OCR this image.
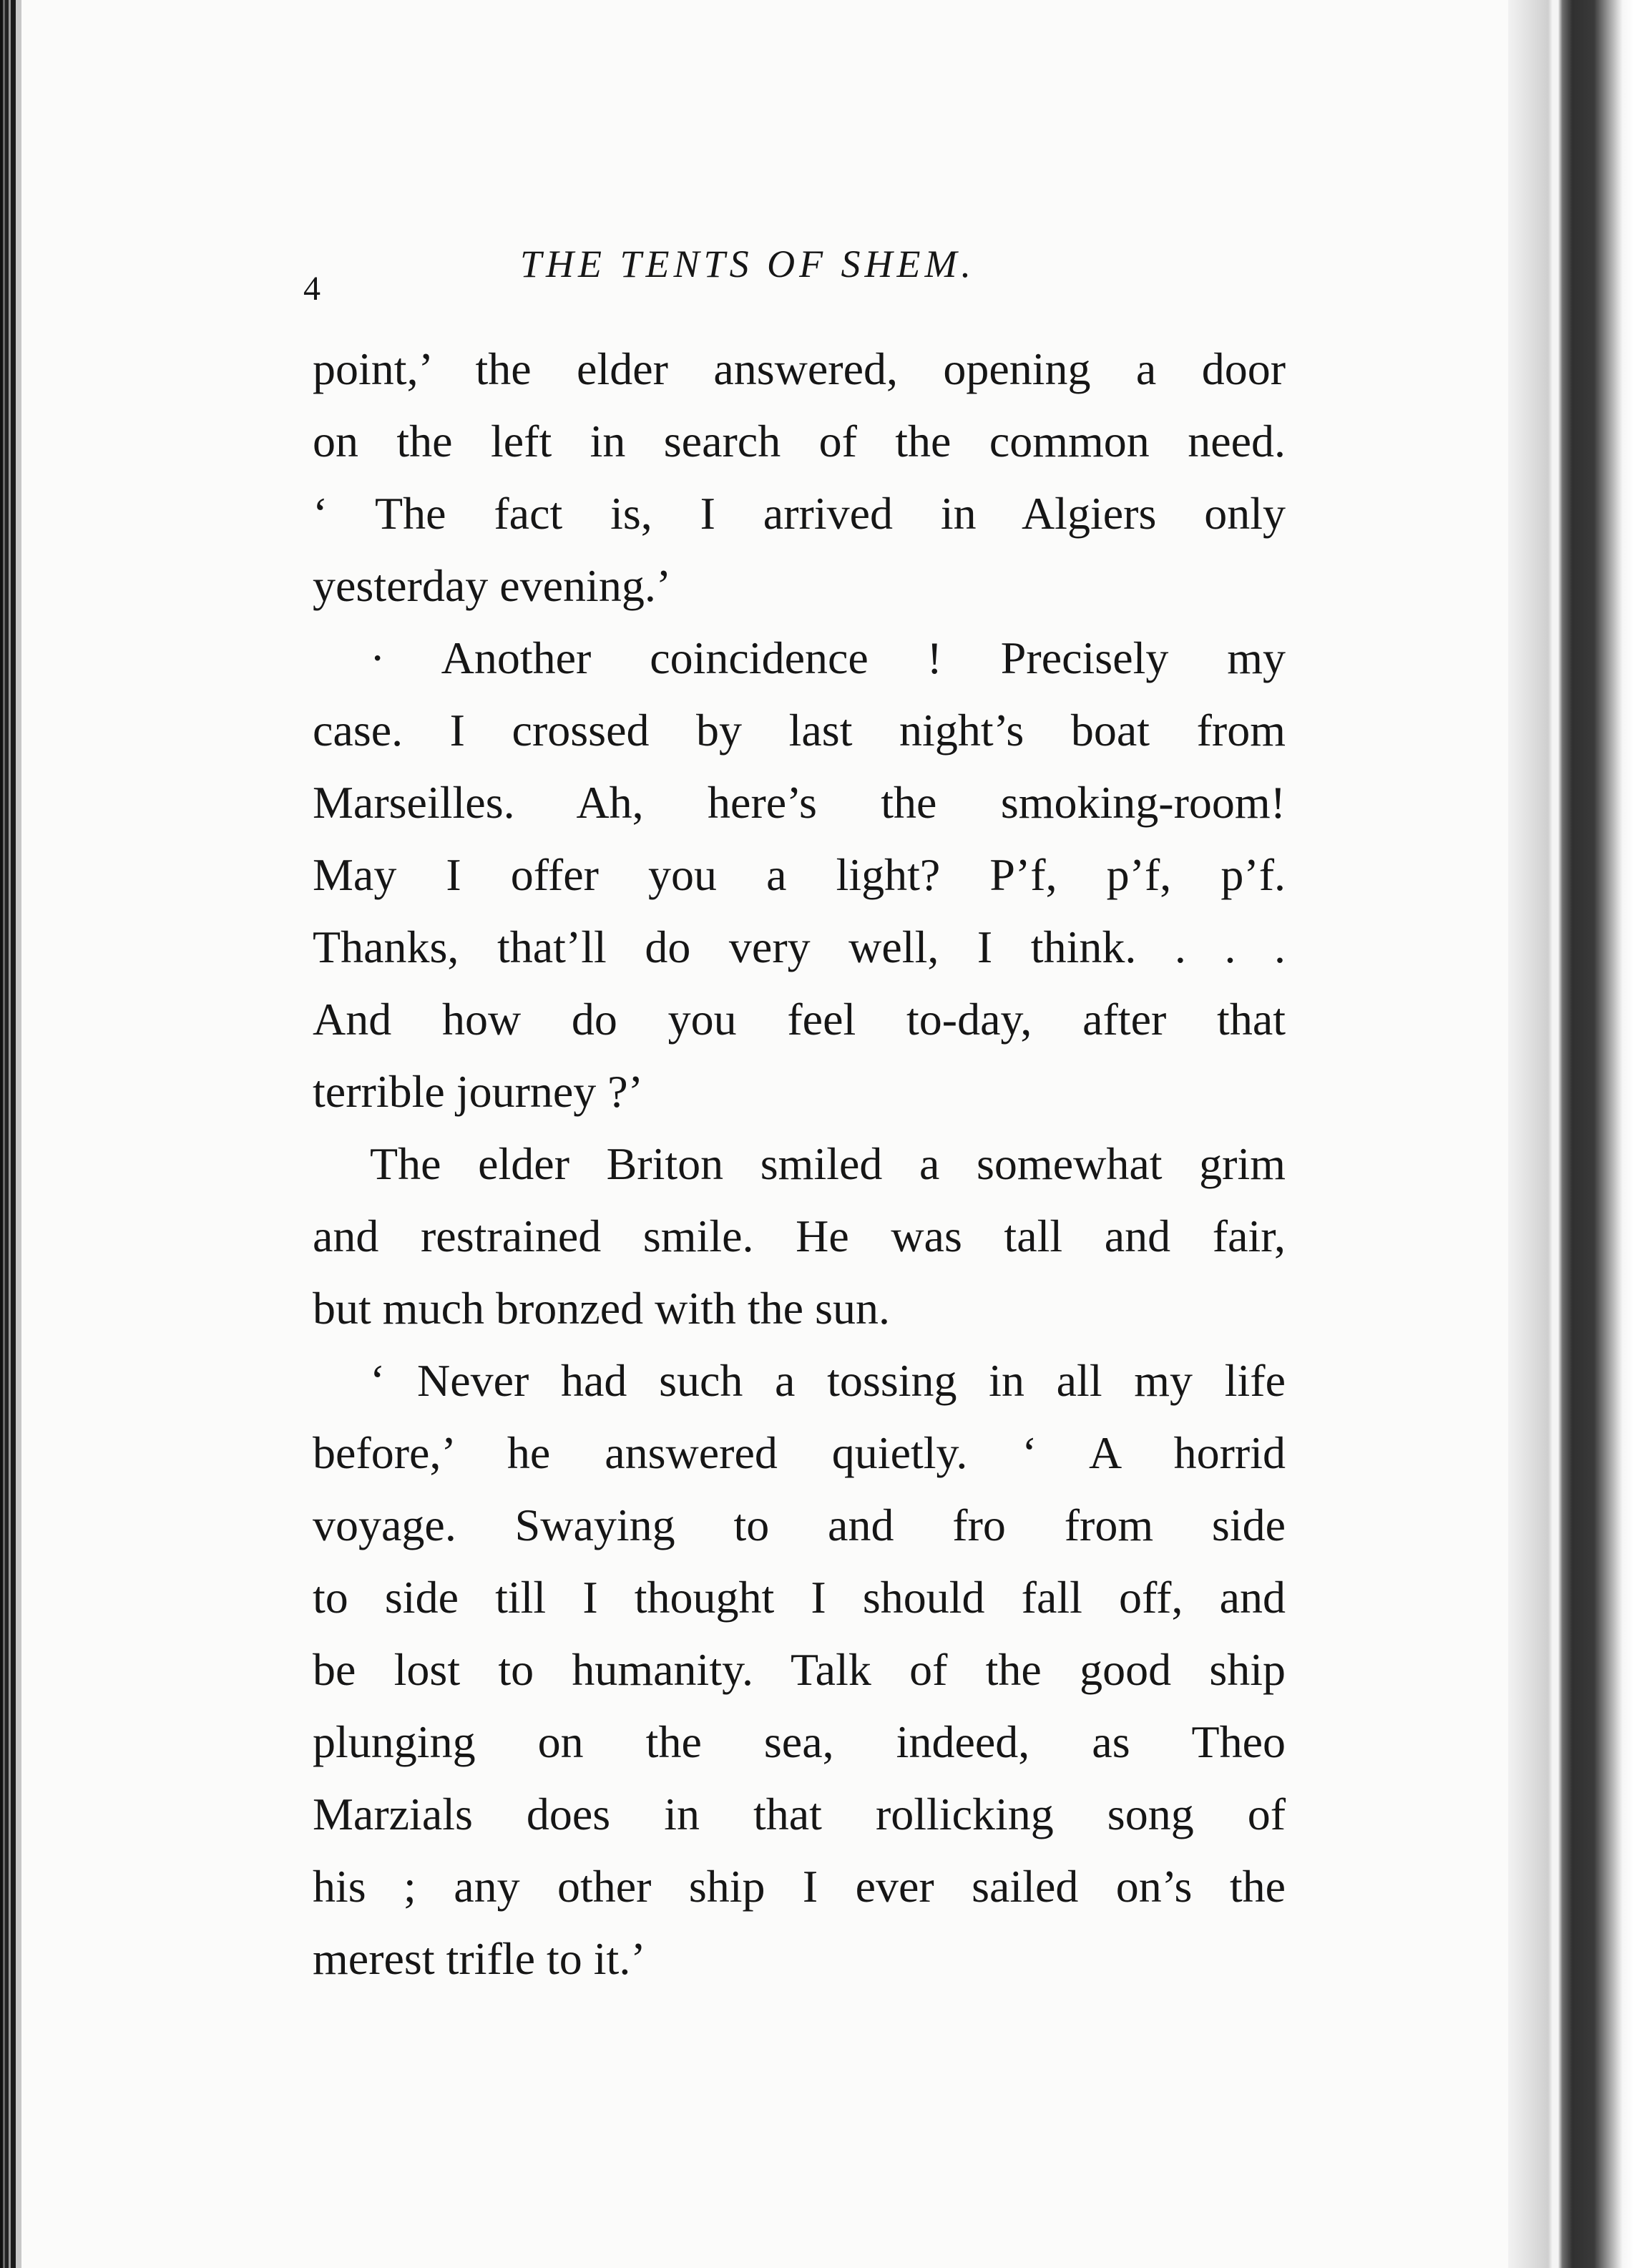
4
THE TENTS OF SHEM.
point,’ the elder answered, opening a door
on the left in search of the common need.
‘ The fact is, I arrived in Algiers only
yesterday evening.’
· Another coincidence ! Precisely my
case. I crossed by last night’s boat from
Marseilles. Ah, here’s the smoking-room!
May I offer you a light? P’f, p’f, p’f.
Thanks, that’ll do very well, I think. . . .
And how do you feel to-day, after that
terrible journey ?’
The elder Briton smiled a somewhat grim
and restrained smile. He was tall and fair,
but much bronzed with the sun.
‘ Never had such a tossing in all my life
before,’ he answered quietly. ‘ A horrid
voyage. Swaying to and fro from side
to side till I thought I should fall off, and
be lost to humanity. Talk of the good ship
plunging on the sea, indeed, as Theo
Marzials does in that rollicking song of
his ; any other ship I ever sailed on’s the
merest trifle to it.’
